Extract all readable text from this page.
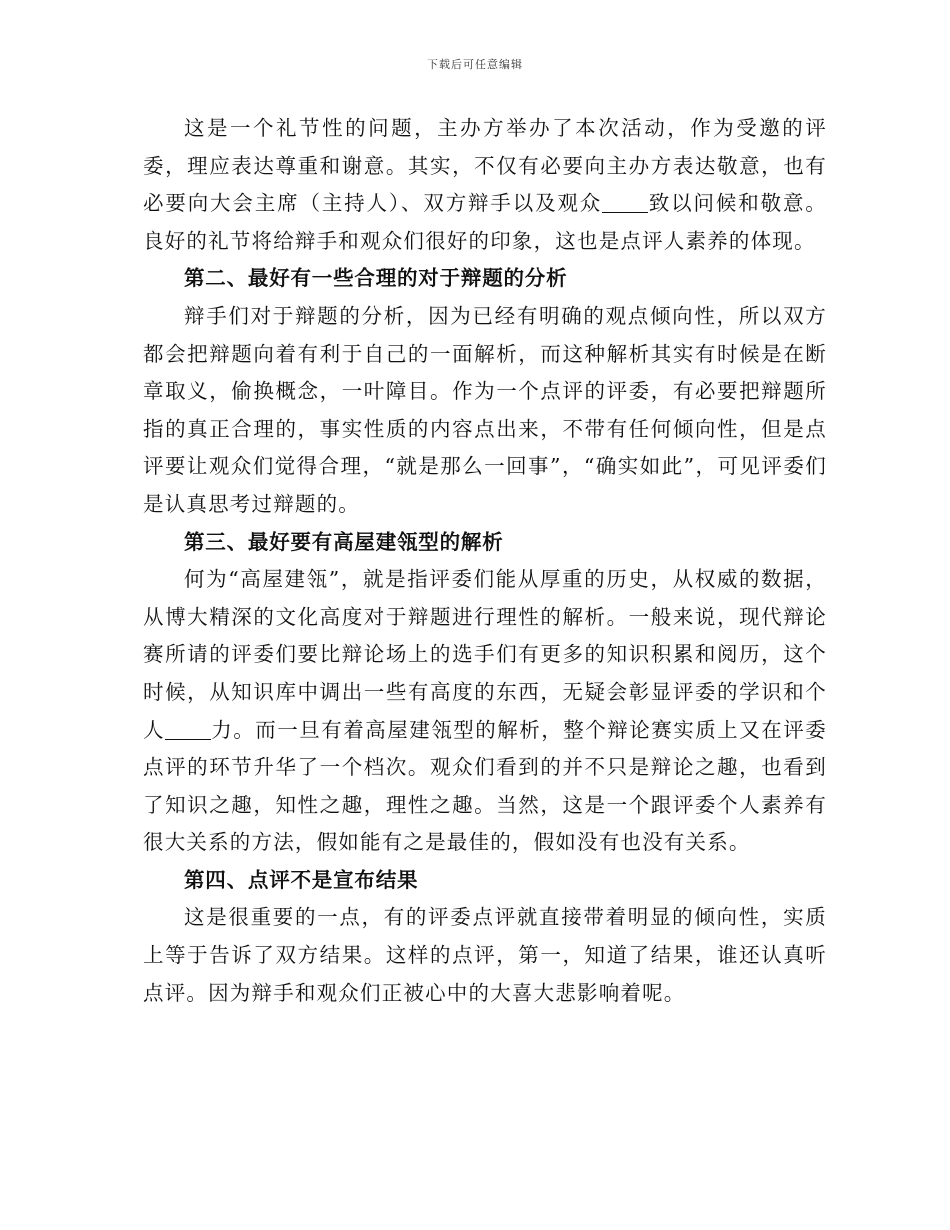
下载后可任意编辑

这是一个礼节性的问题，主办方举办了本次活动，作为受邀的评委，理应表达尊重和谢意。其实，不仅有必要向主办方表达敬意，也有必要向大会主席（主持人）、双方辩手以及观众 致以问候和敬意。良好的礼节将给辩手和观众们很好的印象，这也是点评人素养的体现。

第二、最好有一些合理的对于辩题的分析

辩手们对于辩题的分析，因为已经有明确的观点倾向性，所以双方都会把辩题向着有利于自己的一面解析，而这种解析其实有时候是在断章取义，偷换概念，一叶障目。作为一个点评的评委，有必要把辩题所指的真正合理的，事实性质的内容点出来，不带有任何倾向性，但是点评要让观众们觉得合理，“就是那么一回事”，“确实如此”，可见评委们是认真思考过辩题的。

第三、最好要有高屋建瓴型的解析

何为“高屋建瓴”，就是指评委们能从厚重的历史，从权威的数据，从博大精深的文化高度对于辩题进行理性的解析。一般来说，现代辩论赛所请的评委们要比辩论场上的选手们有更多的知识积累和阅历，这个时候，从知识库中调出一些有高度的东西，无疑会彰显评委的学识和个人 力。而一旦有着高屋建瓴型的解析，整个辩论赛实质上又在评委点评的环节升华了一个档次。观众们看到的并不只是辩论之趣，也看到了知识之趣，知性之趣，理性之趣。当然，这是一个跟评委个人素养有很大关系的方法，假如能有之是最佳的，假如没有也没有关系。

第四、点评不是宣布结果

这是很重要的一点，有的评委点评就直接带着明显的倾向性，实质上等于告诉了双方结果。这样的点评，第一，知道了结果，谁还认真听点评。因为辩手和观众们正被心中的大喜大悲影响着呢。
